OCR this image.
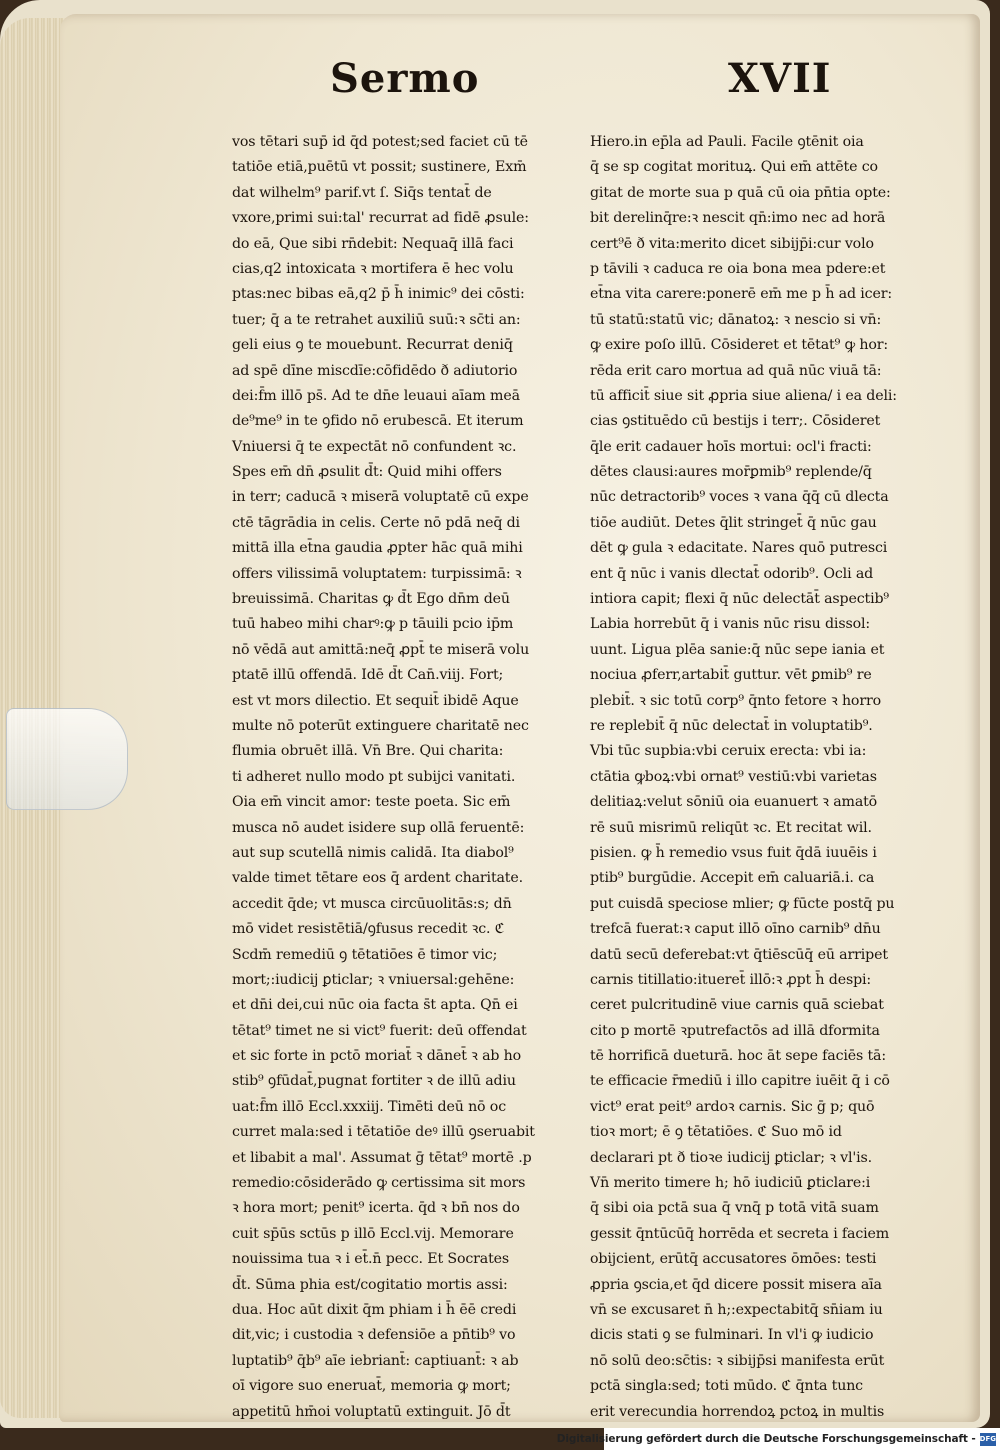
Sermo	XVII
vos tētari sup̄ id q̄d potest;sed faciet cū tē
tatiōe etiā,puētū vt possit; sustinere, Exm̄
dat wilhelm⁹ parif.vt ſ. Siq̄s tentat̄ de
vxore,primi sui:tal' recurrat ad fidē ꝓsule:
do eā, Que sibi rn̄debit: Nequaq̄ illā faci
cias,q2 intoxicata ꝛ mortifera ē hec volu
ptas:nec bibas eā,q2 p̄ h̄ inimic⁹ dei cōsti:
tuer; q̄ a te retrahet auxiliū suū:ꝛ sc̄ti an:
geli eius ꝯ te mouebunt. Recurrat deniq̄
ad spē dīne miscdīe:cōfidēdo ð adiutorio
dei:f̄m illō ps̄. Ad te dn̄e leuaui aīam meā
de⁹me⁹ in te ꝯfido nō erubescā. Et iterum
Vniuersi q̄ te expectāt nō confundent ꝛc.
Spes em̄ dn̄ ꝓsulit d̄t: Quid mihi offers
in terr; caducā ꝛ miserā voluptatē cū expe
ctē tāgrādia in celis. Certe nō pdā neq̄ di
mittā illa et̄na gaudia ꝓpter hāc quā mihi
offers vilissimā voluptatem: turpissimā: ꝛ
breuissimā. Charitas ꝙ d̄t Ego dn̄m deū
tuū habeo mihi charꝰ:ꝙ p tāuili pcio ip̄m
nō vēdā aut amittā:neq̄ ꝓpt̄ te miserā volu
ptatē illū offendā. Idē d̄t Can̄.viij. Fort;
est vt mors dilectio. Et sequit̄ ibidē Aque
multe nō poterūt extinguere charitatē nec
flumia obruēt illā. Vn̄ Bre. Qui charita:
ti adheret nullo modo pt subijci vanitati.
Oia em̄ vincit amor: teste poeta. Sic em̄
musca nō audet isidere sup ollā feruentē:
aut sup scutellā nimis calidā. Ita diabol⁹
valde timet tētare eos q̄ ardent charitate.
accedit q̄de; vt musca circūuolitās:s; dn̄
mō videt resistētiā/ꝯfusus recedit ꝛc. ℭ
Scdm̄ remediū ꝯ tētatiōes ē timor vic;
mort;:iudicij ꝑticlar; ꝛ vniuersal:gehēne:
et dn̄i dei,cui nūc oia facta s̄t apta. Qn̄ ei
tētat⁹ timet ne si vict⁹ fuerit: deū offendat
et sic forte in pctō moriat̄ ꝛ dānet̄ ꝛ ab ho
stib⁹ ꝯfūdat̄,pugnat fortiter ꝛ de illū adiu
uat:f̄m illō Eccl.xxxiij. Timēti deū nō oc
curret mala:sed i tētatiōe deꝰ illū ꝯseruabit
et libabit a mal'. Assumat ḡ tētat⁹ mortē .p
remedio:cōsiderādo ꝙ certissima sit mors
ꝛ hora mort; penit⁹ icerta. q̄d ꝛ bn̄ nos do
cuit sp̄ūs sctūs p illō Eccl.vij. Memorare
nouissima tua ꝛ i et̄.n̄ pecc. Et Socrates
d̄t. Sūma phia est/cogitatio mortis assi:
dua. Hoc aūt dixit q̄m phiam i h̄ ēē credi
dit,vic; i custodia ꝛ defensiōe a pn̄tib⁹ vo
luptatib⁹ q̄b⁹ aīe iebriant̄: captiuant̄: ꝛ ab
oī vigore suo eneruat̄, memoria ꝙ mort;
appetitū hm̄oi voluptatū extinguit. Jō d̄t
Hiero.in ep̄la ad Pauli. Facile ꝯtēnit oia
q̄ se sp cogitat morituꝝ. Qui em̄ attēte co
gitat de morte sua p quā cū oia pn̄tia opte:
bit derelinq̄re:ꝛ nescit qn̄:imo nec ad horā
cert⁹ē ð vita:merito dicet sibijp̄i:cur volo
p tāvili ꝛ caduca re oia bona mea pdere:et
et̄na vita carere:ponerē em̄ me p h̄ ad icer:
tū statū:statū vic; dānatoꝝ: ꝛ nescio si vn̄:
ꝙ exire poſo illū. Cōsideret et tētat⁹ ꝙ hor:
rēda erit caro mortua ad quā nūc viuā tā:
tū afficit̄ siue sit ꝓpria siue aliena/ i ea deli:
cias ꝯstituēdo cū bestijs i terr;. Cōsideret
q̄le erit cadauer hoīs mortui: ocl'i fracti:
dētes clausi:aures mor̄ꝑmib⁹ replende/q̄
nūc detractorib⁹ voces ꝛ vana q̄q̄ cū dlecta
tiōe audiūt. Detes q̄lit stringet̄ q̄ nūc gau
dēt ꝙ gula ꝛ edacitate. Nares quō putresci
ent q̄ nūc i vanis dlectat̄ odorib⁹. Ocli ad
intiora capit; flexi q̄ nūc delectāt̄ aspectib⁹
Labia horrebūt q̄ i vanis nūc risu dissol:
uunt. Ligua plēa sanie:q̄ nūc sepe iania et
nociua ꝓferr,artabit̄ guttur. vēt ꝑmib⁹ re
plebit̄. ꝛ sic totū corp⁹ q̄nto fetore ꝛ horro
re replebit̄ q̄ nūc delectat̄ in voluptatib⁹.
Vbi tūc supbia:vbi ceruix erecta: vbi ia:
ctātia ꝙboꝝ:vbi ornat⁹ vestiū:vbi varietas
delitiaꝝ:velut sōniū oia euanuert ꝛ amatō
rē suū misrimū reliqūt ꝛc. Et recitat wil.
pisien. ꝙ h̄ remedio vsus fuit q̄dā iuuēis i
ptib⁹ burgūdie. Accepit em̄ caluariā.i. ca
put cuisdā speciose mlier; ꝙ fūcte postq̄ pu
trefcā fuerat:ꝛ caput illō oīno carnib⁹ dn̄u
datū secū deferebat:vt q̄tiēscūq̄ eū arripet
carnis titillatio:itueret̄ illō:ꝛ ꝓpt h̄ despi:
ceret pulcritudinē viue carnis quā sciebat
cito p mortē ꝛputrefactōs ad illā dformita
tē horrificā dueturā. hoc āt sepe faciēs tā:
te efficacie r̄mediū i illo capitre iuēit q̄ i cō
vict⁹ erat peit⁹ ardoꝛ carnis. Sic ḡ p; quō
tioꝛ mort; ē ꝯ tētatiōes. ℭ Suo mō id
declarari pt ð tioꝛe iudicij ꝑticlar; ꝛ vl'is.
Vn̄ merito timere h; hō iudiciū ꝑticlare:i
q̄ sibi oia pctā sua q̄ vnq̄ p totā vitā suam
gessit q̄ntūcūq̄ horrēda et secreta i faciem
obijcient, erūtq̄ accusatores ōmōes: testi
ꝓpria ꝯscia,et q̄d dicere possit misera aīa
vn̄ se excusaret n̄ h;:expectabitq̄ sn̄iam iu
dicis stati ꝯ se fulminari. In vl'i ꝙ iudicio
nō solū deo:sc̄tis: ꝛ sibijp̄si manifesta erūt
pctā singla:sed; toti mūdo. ℭ q̄nta tunc
erit verecundia horrendoꝝ pctoꝝ in multis
Digitalisierung gefördert durch die Deutsche Forschungsgemeinschaft - DFG
